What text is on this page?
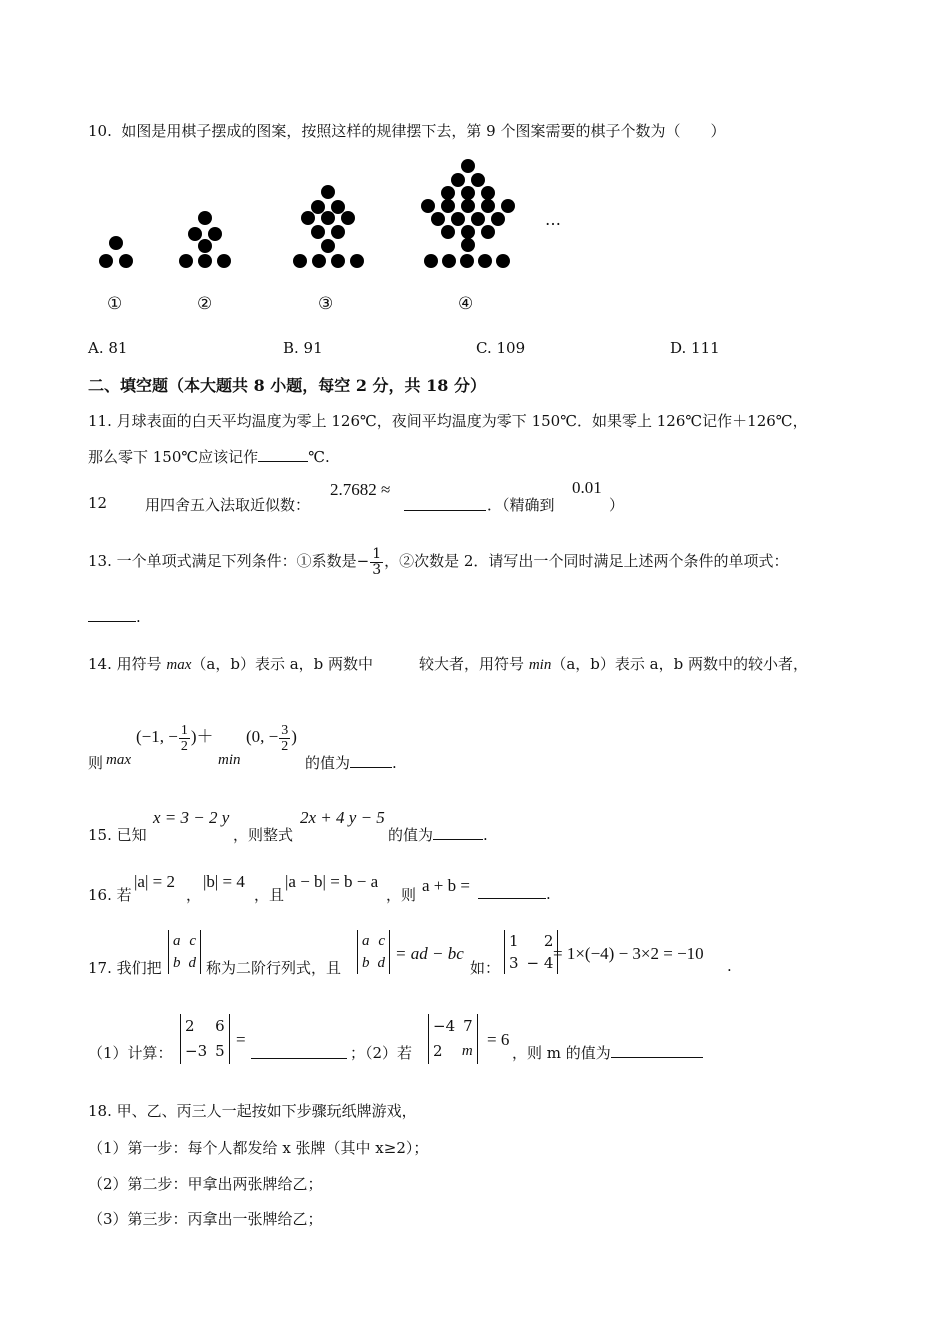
10. 如图是用棋子摆成的图案，按照这样的规律摆下去，第 9 个图案需要的棋子个数为（　　）
…
①	②	③	④
A. 81	B. 91	C. 109	D. 111
二、填空题（本大题共 8 小题，每空 2 分，共 18 分）
11. 月球表面的白天平均温度为零上 126℃，夜间平均温度为零下 150℃．如果零上 126℃记作＋126℃，
那么零下 150℃应该记作	℃.
12	用四舍五入法取近似数：
2.7682 ≈
．（精确到
0.01
）
13. 一个单项式满足下列条件：①系数是− $\frac{1}{3}$ ，②次数是 2．请写出一个同时满足上述两个条件的单项式：
.
14. 用符号 max（a，b）表示 a，b 两数中	较大者，用符号 min（a，b）表示 a，b 两数中的较小者，
则 max
(−1, − $\frac{1}{2}$ )＋
min
(0, − $\frac{3}{2}$ )
的值为	.
15. 已知
x = 3 − 2 y
，则整式
2x + 4 y − 5
的值为	.
16. 若
|a| = 2
，
|b| = 4
，且
|a − b| = b − a
，则 a + b =	.
17. 我们把
a c
b d 称为二阶行列式，且
a c
b d = ad − bc
如：
1 2
3 − 4 = 1×(−4) − 3×2 = −10
.
（1）计算：
2 6
−3 5
=
；（2）若
−4 7
2 m
= 6
，则 m 的值为
18. 甲、乙、丙三人一起按如下步骤玩纸牌游戏，
（1）第一步：每个人都发给 x 张牌（其中 x≥2）；
（2）第二步：甲拿出两张牌给乙；
（3）第三步：丙拿出一张牌给乙；
